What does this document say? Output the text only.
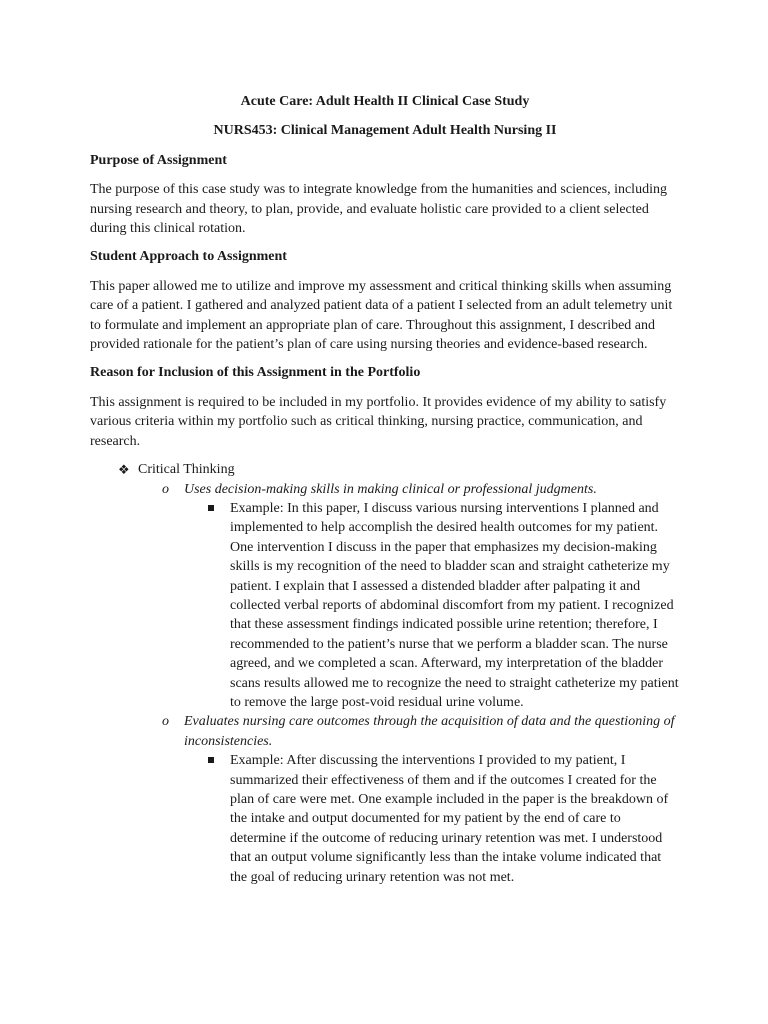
Acute Care: Adult Health II Clinical Case Study

NURS453: Clinical Management Adult Health Nursing II

Purpose of Assignment

The purpose of this case study was to integrate knowledge from the humanities and sciences, including nursing research and theory, to plan, provide, and evaluate holistic care provided to a client selected during this clinical rotation.

Student Approach to Assignment

This paper allowed me to utilize and improve my assessment and critical thinking skills when assuming care of a patient. I gathered and analyzed patient data of a patient I selected from an adult telemetry unit to formulate and implement an appropriate plan of care. Throughout this assignment, I described and provided rationale for the patient’s plan of care using nursing theories and evidence-based research.

Reason for Inclusion of this Assignment in the Portfolio

This assignment is required to be included in my portfolio. It provides evidence of my ability to satisfy various criteria within my portfolio such as critical thinking, nursing practice, communication, and research.

❖ Critical Thinking
o Uses decision-making skills in making clinical or professional judgments.
Example: In this paper, I discuss various nursing interventions I planned and implemented to help accomplish the desired health outcomes for my patient. One intervention I discuss in the paper that emphasizes my decision-making skills is my recognition of the need to bladder scan and straight catheterize my patient. I explain that I assessed a distended bladder after palpating it and collected verbal reports of abdominal discomfort from my patient. I recognized that these assessment findings indicated possible urine retention; therefore, I recommended to the patient’s nurse that we perform a bladder scan. The nurse agreed, and we completed a scan. Afterward, my interpretation of the bladder scans results allowed me to recognize the need to straight catheterize my patient to remove the large post-void residual urine volume.
o Evaluates nursing care outcomes through the acquisition of data and the questioning of inconsistencies.
Example: After discussing the interventions I provided to my patient, I summarized their effectiveness of them and if the outcomes I created for the plan of care were met. One example included in the paper is the breakdown of the intake and output documented for my patient by the end of care to determine if the outcome of reducing urinary retention was met. I understood that an output volume significantly less than the intake volume indicated that the goal of reducing urinary retention was not met.
